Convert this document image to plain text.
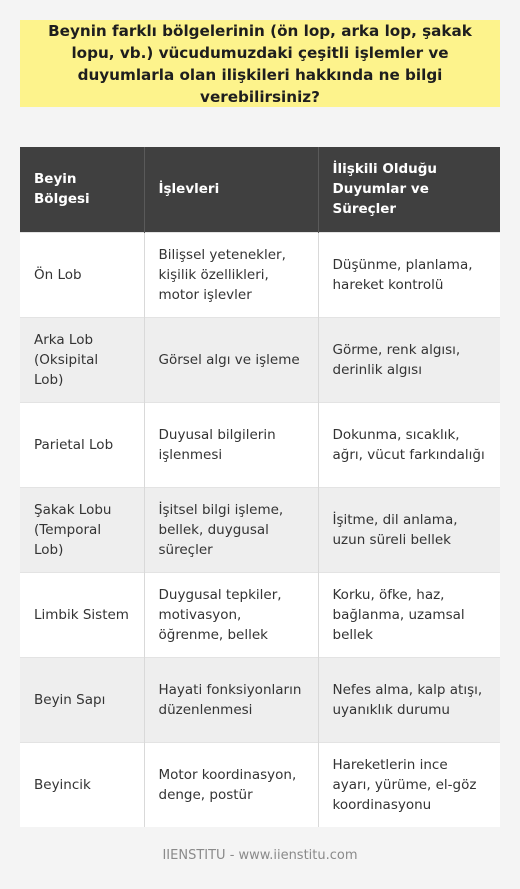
Beynin farklı bölgelerinin (ön lop, arka lop, şakak lopu, vb.) vücudumuzdaki çeşitli işlemler ve duyumlarla olan ilişkileri hakkında ne bilgi verebilirsiniz?

Beyin Bölgesi	İşlevleri	İlişkili Olduğu Duyumlar ve Süreçler
Ön Lob	Bilişsel yetenekler, kişilik özellikleri, motor işlevler	Düşünme, planlama, hareket kontrolü
Arka Lob (Oksipital Lob)	Görsel algı ve işleme	Görme, renk algısı, derinlik algısı
Parietal Lob	Duyusal bilgilerin işlenmesi	Dokunma, sıcaklık, ağrı, vücut farkındalığı
Şakak Lobu (Temporal Lob)	İşitsel bilgi işleme, bellek, duygusal süreçler	İşitme, dil anlama, uzun süreli bellek
Limbik Sistem	Duygusal tepkiler, motivasyon, öğrenme, bellek	Korku, öfke, haz, bağlanma, uzamsal bellek
Beyin Sapı	Hayati fonksiyonların düzenlenmesi	Nefes alma, kalp atışı, uyanıklık durumu
Beyincik	Motor koordinasyon, denge, postür	Hareketlerin ince ayarı, yürüme, el-göz koordinasyonu

IIENSTITU - www.iienstitu.com
